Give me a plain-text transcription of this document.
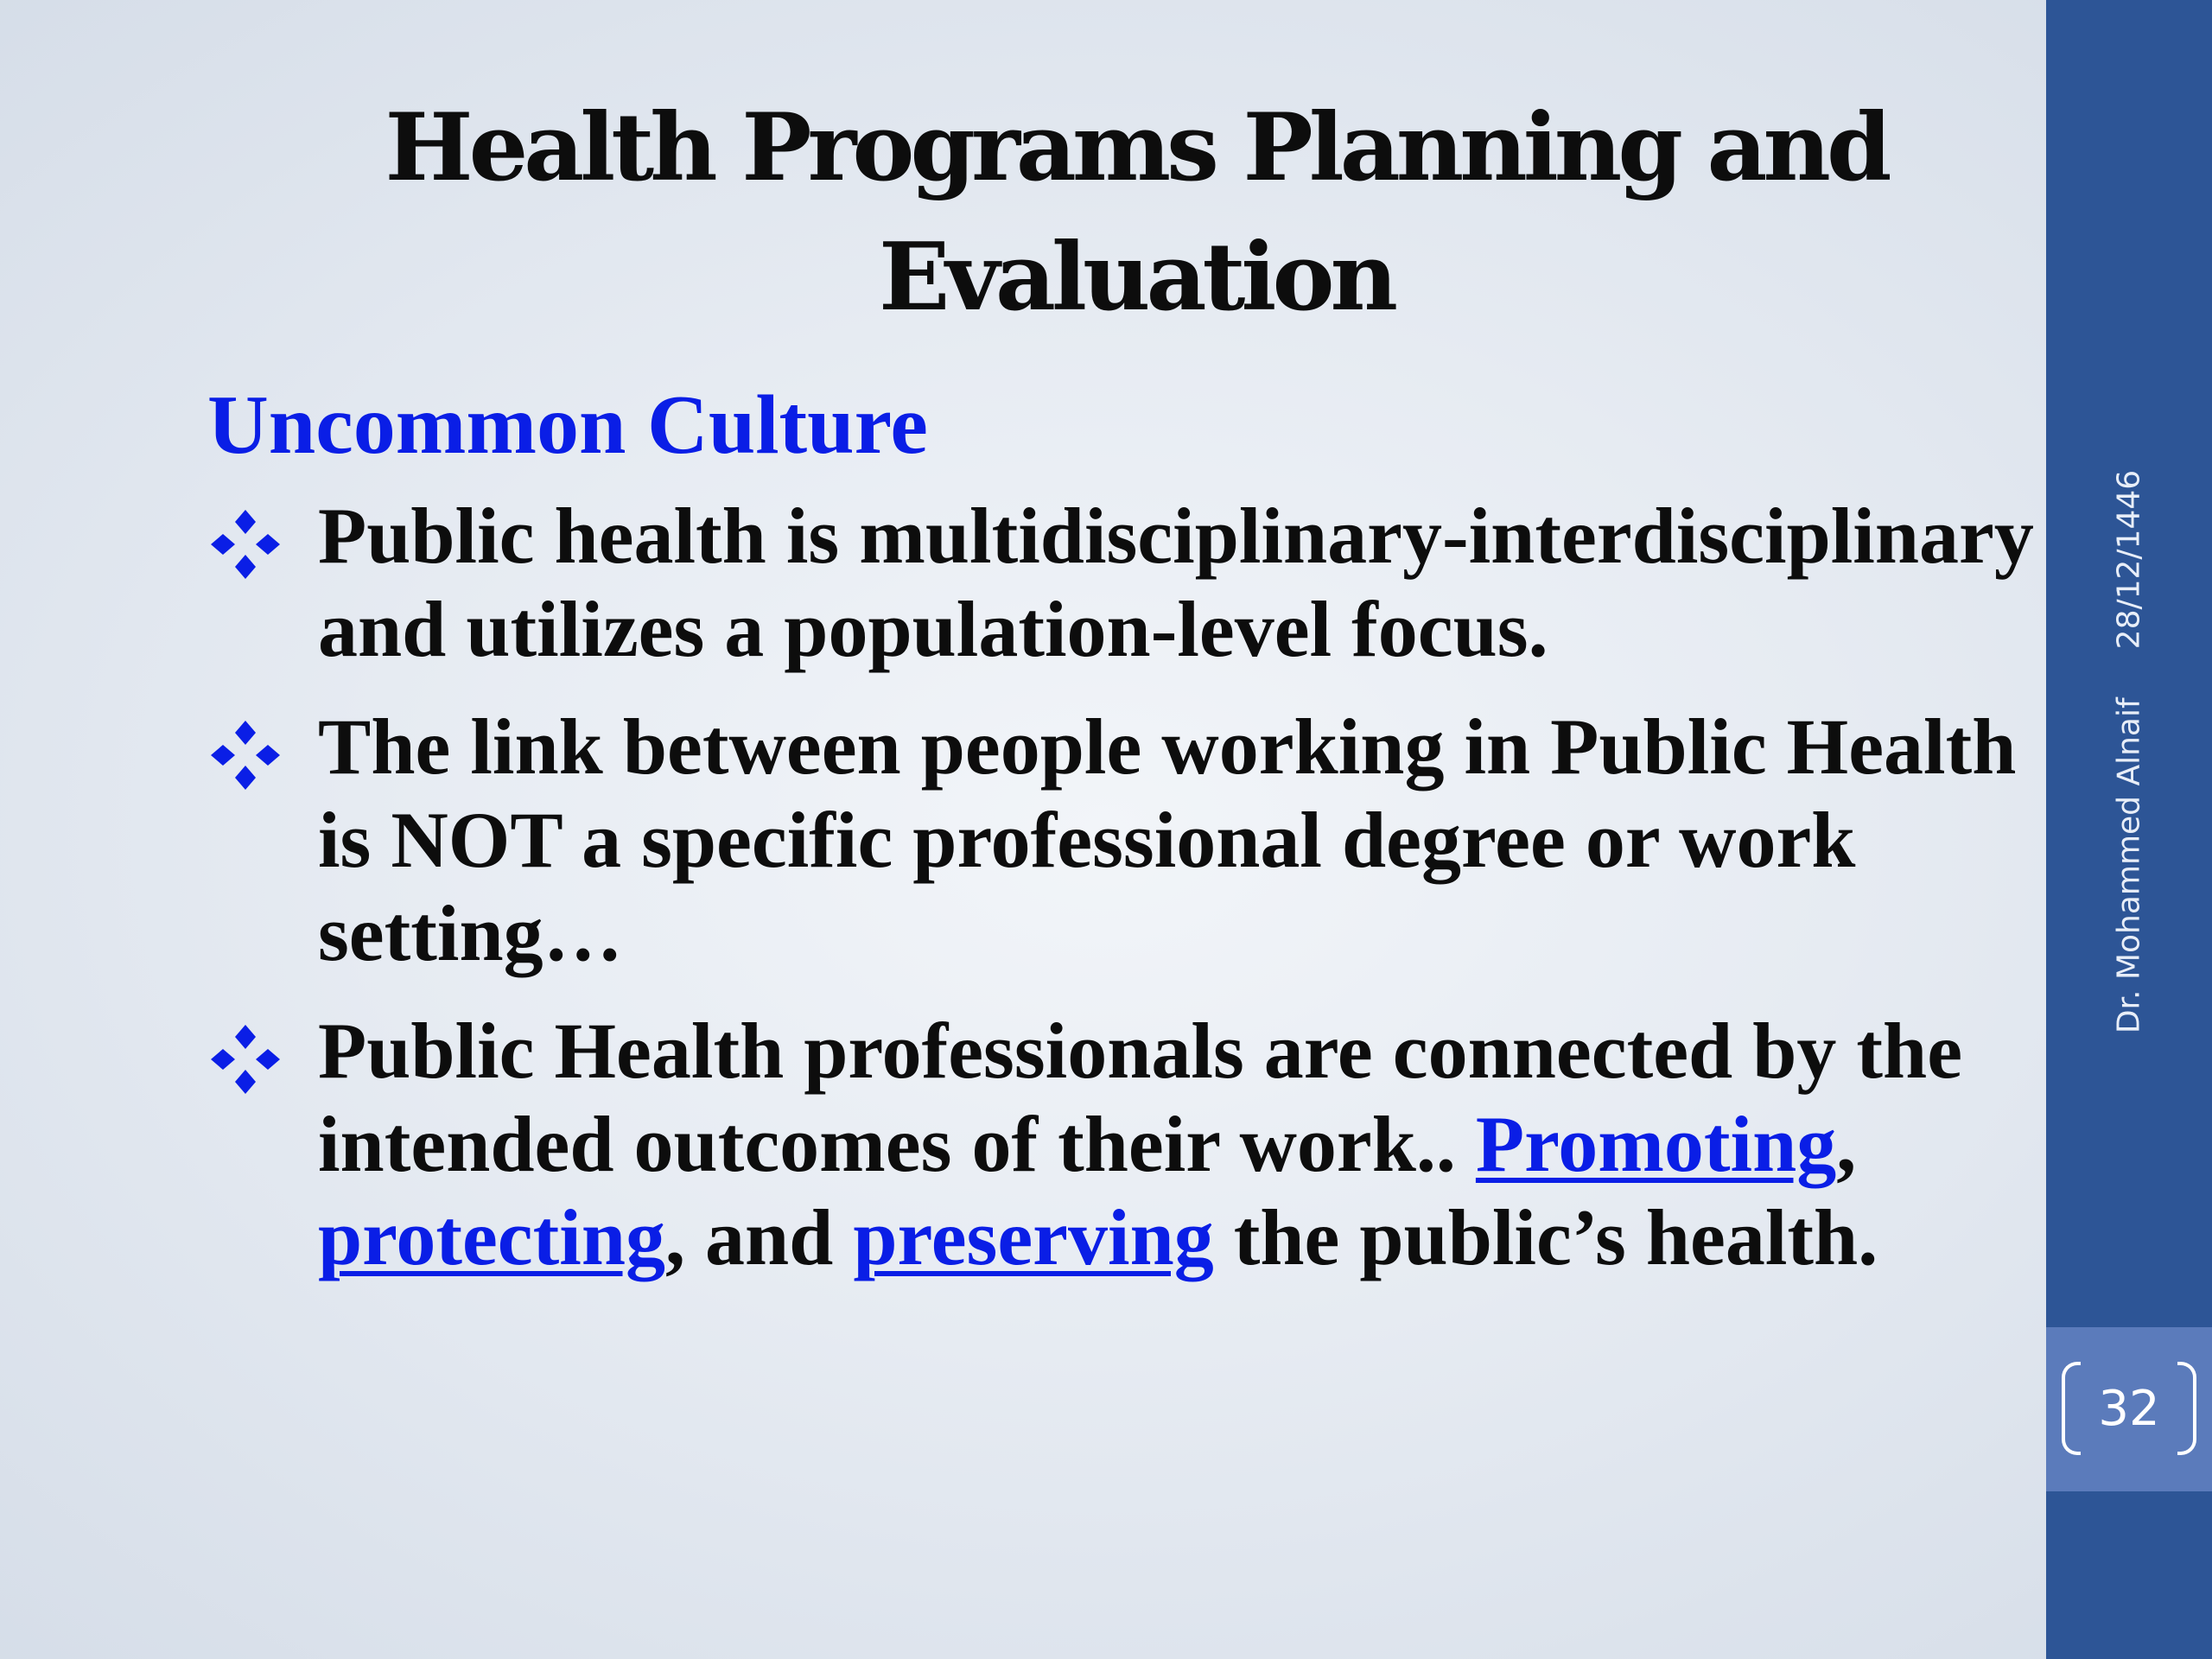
Health Programs Planning and
Evaluation
Uncommon Culture
Public health is multidisciplinary-interdisciplinary and utilizes a population-level focus.
The link between people working in Public Health is NOT a specific professional degree or work setting…
Public Health professionals are connected by the intended outcomes of their work.. Promoting, protecting, and preserving the public’s health.
Dr. Mohammed Alnaif28/12/1446
32
